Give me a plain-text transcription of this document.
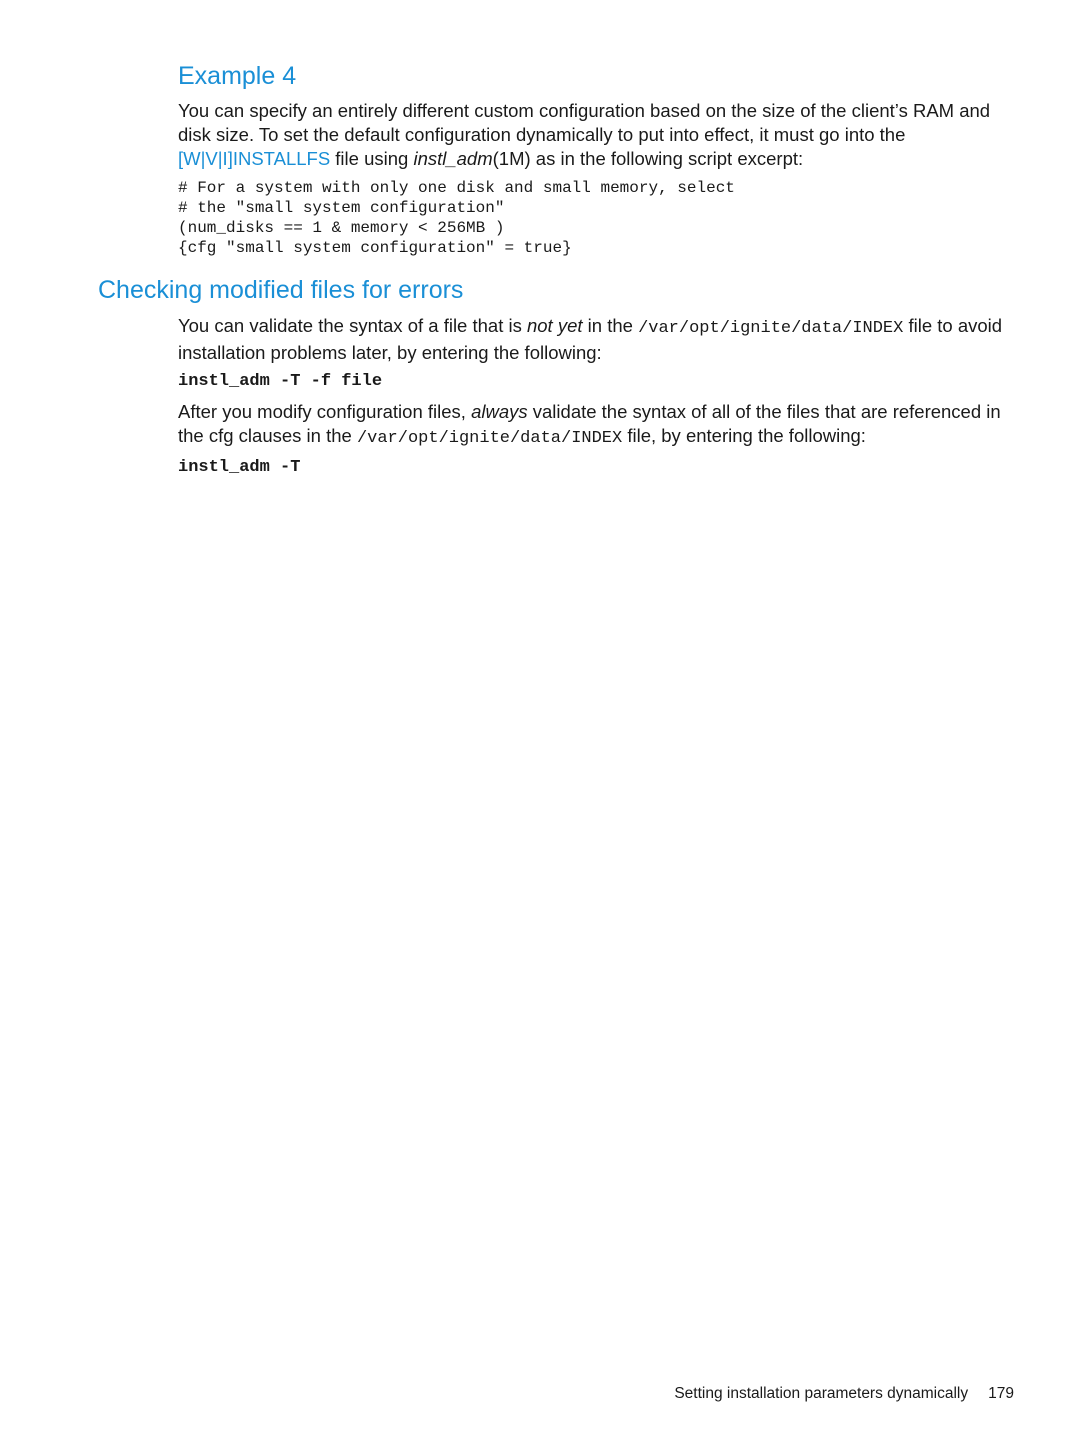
Example 4

You can specify an entirely different custom configuration based on the size of the client’s RAM and disk size. To set the default configuration dynamically to put into effect, it must go into the [W|V|I]INSTALLFS file using instl_adm(1M) as in the following script excerpt:

# For a system with only one disk and small memory, select
# the "small system configuration"
(num_disks == 1 & memory < 256MB )
{cfg "small system configuration" = true}
Checking modified files for errors

You can validate the syntax of a file that is not yet in the /var/opt/ignite/data/INDEX file to avoid installation problems later, by entering the following:

instl_adm -T -f file

After you modify configuration files, always validate the syntax of all of the files that are referenced in the cfg clauses in the /var/opt/ignite/data/INDEX file, by entering the following:

instl_adm -T
Setting installation parameters dynamically 179
